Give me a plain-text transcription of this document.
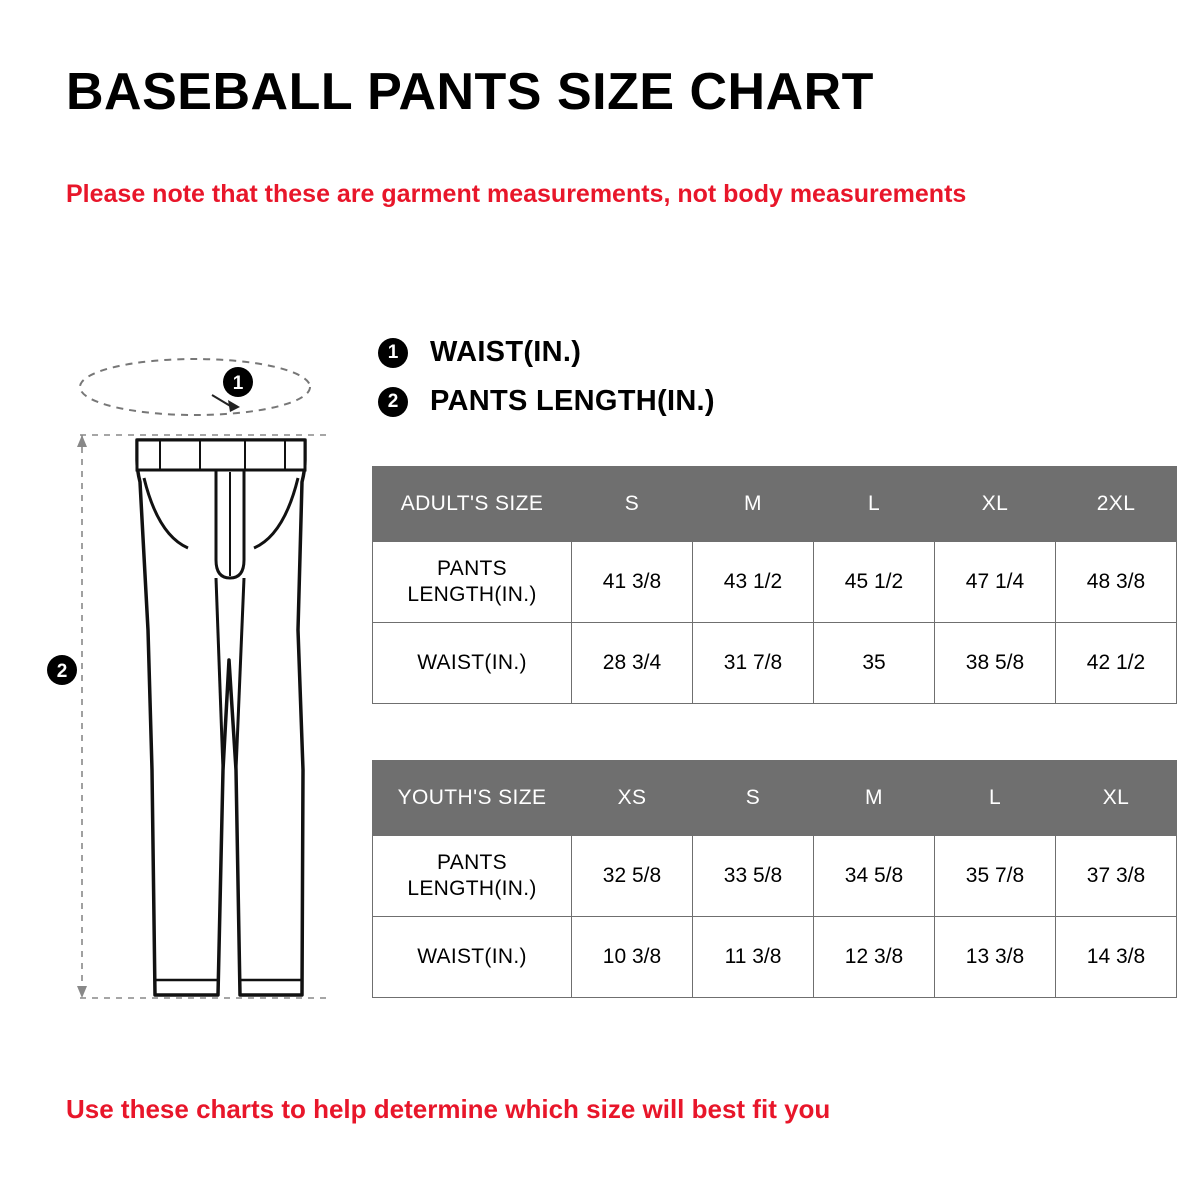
BASEBALL PANTS SIZE CHART
Please note that these are garment measurements, not body measurements
1	WAIST(IN.)
2	PANTS LENGTH(IN.)
1
2
ADULT'S SIZE	S	M	L	XL	2XL
PANTS LENGTH(IN.)	41 3/8	43 1/2	45 1/2	47 1/4	48 3/8
WAIST(IN.)	28 3/4	31 7/8	35	38 5/8	42 1/2
YOUTH'S SIZE	XS	S	M	L	XL
PANTS LENGTH(IN.)	32 5/8	33 5/8	34 5/8	35 7/8	37 3/8
WAIST(IN.)	10 3/8	11 3/8	12 3/8	13 3/8	14 3/8
Use these charts to help determine which size will best fit you
